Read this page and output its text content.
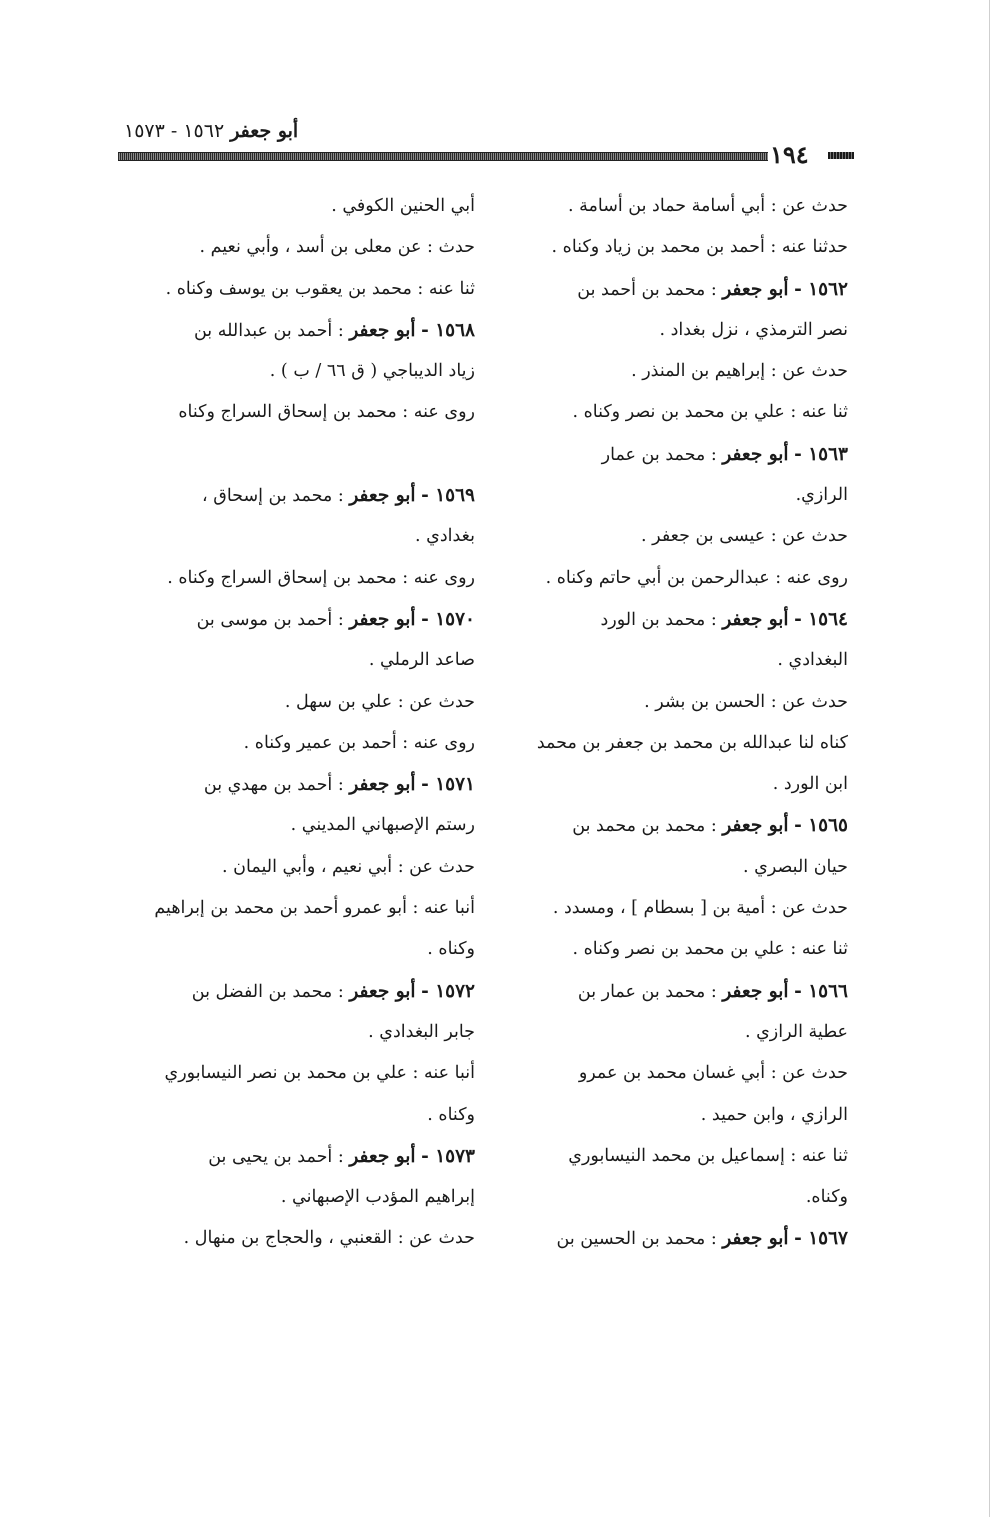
أبو جعفر ١٥٦٢ - ١٥٧٣
١٩٤
حدث عن : أبي أسامة حماد بن أسامة .
حدثنا عنه : أحمد بن محمد بن زياد وكناه .
١٥٦٢ - أبو جعفر : محمد بن أحمد بن
نصر الترمذي ، نزل بغداد .
حدث عن : إبراهيم بن المنذر .
ثنا عنه : علي بن محمد بن نصر وكناه .
١٥٦٣ - أبو جعفر : محمد بن عمار
الرازي.
حدث عن : عيسى بن جعفر .
روى عنه : عبدالرحمن بن أبي حاتم وكناه .
١٥٦٤ - أبو جعفر : محمد بن الورد
البغدادي .
حدث عن : الحسن بن بشر .
كناه لنا عبدالله بن محمد بن جعفر بن محمد
ابن الورد .
١٥٦٥ - أبو جعفر : محمد بن محمد بن
حيان البصري .
حدث عن : أمية بن [ بسطام ] ، ومسدد .
ثنا عنه : علي بن محمد بن نصر وكناه .
١٥٦٦ - أبو جعفر : محمد بن عمار بن
عطية الرازي .
حدث عن : أبي غسان محمد بن عمرو
الرازي ، وابن حميد .
ثنا عنه : إسماعيل بن محمد النيسابوري
وكناه.
١٥٦٧ - أبو جعفر : محمد بن الحسين بن
أبي الحنين الكوفي .
حدث : عن معلى بن أسد ، وأبي نعيم .
ثنا عنه : محمد بن يعقوب بن يوسف وكناه .
١٥٦٨ - أبو جعفر : أحمد بن عبدالله بن
زياد الديباجي ( ق ٦٦ / ب ) .
روى عنه : محمد بن إسحاق السراج وكناه
١٥٦٩ - أبو جعفر : محمد بن إسحاق ،
بغدادي .
روى عنه : محمد بن إسحاق السراج وكناه .
١٥٧٠ - أبو جعفر : أحمد بن موسى بن
صاعد الرملي .
حدث عن : علي بن سهل .
روى عنه : أحمد بن عمير وكناه .
١٥٧١ - أبو جعفر : أحمد بن مهدي بن
رستم الإصبهاني المديني .
حدث عن : أبي نعيم ، وأبي اليمان .
أنبا عنه : أبو عمرو أحمد بن محمد بن إبراهيم
وكناه .
١٥٧٢ - أبو جعفر : محمد بن الفضل بن
جابر البغدادي .
أنبا عنه : علي بن محمد بن نصر النيسابوري
وكناه .
١٥٧٣ - أبو جعفر : أحمد بن يحيى بن
إبراهيم المؤدب الإصبهاني .
حدث عن : القعنبي ، والحجاج بن منهال .
